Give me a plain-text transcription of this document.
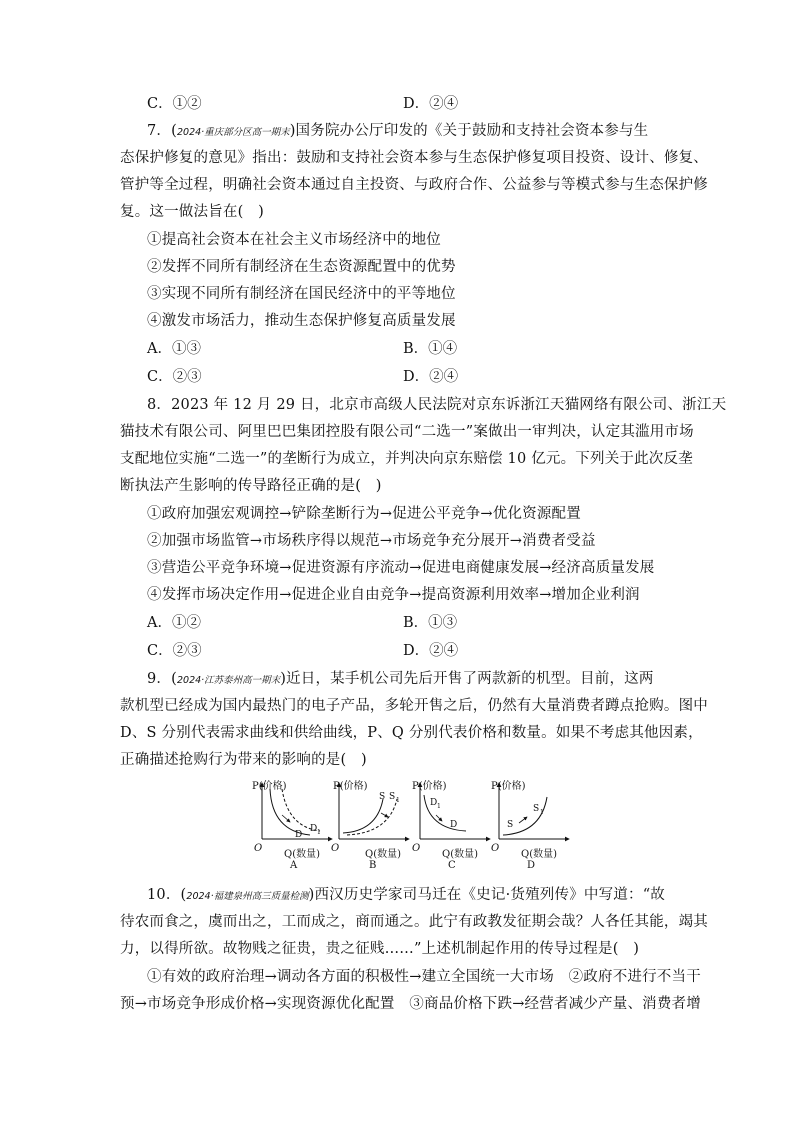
C．①②	D．②④
7．(2024·重庆部分区高一期末)国务院办公厅印发的《关于鼓励和支持社会资本参与生
态保护修复的意见》指出：鼓励和支持社会资本参与生态保护修复项目投资、设计、修复、
管护等全过程，明确社会资本通过自主投资、与政府合作、公益参与等模式参与生态保护修
复。这一做法旨在(　)
①提高社会资本在社会主义市场经济中的地位
②发挥不同所有制经济在生态资源配置中的优势
③实现不同所有制经济在国民经济中的平等地位
④激发市场活力，推动生态保护修复高质量发展
A．①③	B．①④
C．②③	D．②④
8．2023 年 12 月 29 日，北京市高级人民法院对京东诉浙江天猫网络有限公司、浙江天
猫技术有限公司、阿里巴巴集团控股有限公司“二选一”案做出一审判决，认定其滥用市场
支配地位实施“二选一”的垄断行为成立，并判决向京东赔偿 10 亿元。下列关于此次反垄
断执法产生影响的传导路径正确的是(　)
①政府加强宏观调控→铲除垄断行为→促进公平竞争→优化资源配置
②加强市场监管→市场秩序得以规范→市场竞争充分展开→消费者受益
③营造公平竞争环境→促进资源有序流动→促进电商健康发展→经济高质量发展
④发挥市场决定作用→促进企业自由竞争→提高资源利用效率→增加企业利润
A．①②	B．①③
C．②③	D．②④
9．(2024·江苏泰州高一期末)近日，某手机公司先后开售了两款新的机型。目前，这两
款机型已经成为国内最热门的电子产品，多轮开售之后，仍然有大量消费者蹲点抢购。图中
D、S 分别代表需求曲线和供给曲线，P、Q 分别代表价格和数量。如果不考虑其他因素，
正确描述抢购行为带来的影响的是(　)
P(价格)
O
Q(数量)
D
D 1
A
P(价格)
O
Q(数量)
S S 1
B
P(价格)
O
Q(数量)
D 1
D
C
P(价格)
O
Q(数量)
S
S 1
D
10．(2024·福建泉州高三质量检测)西汉历史学家司马迁在《史记·货殖列传》中写道：“故
待农而食之，虞而出之，工而成之，商而通之。此宁有政教发征期会哉？人各任其能，竭其
力，以得所欲。故物贱之征贵，贵之征贱……”上述机制起作用的传导过程是(　)
①有效的政府治理→调动各方面的积极性→建立全国统一大市场　②政府不进行不当干
预→市场竞争形成价格→实现资源优化配置　③商品价格下跌→经营者减少产量、消费者增
